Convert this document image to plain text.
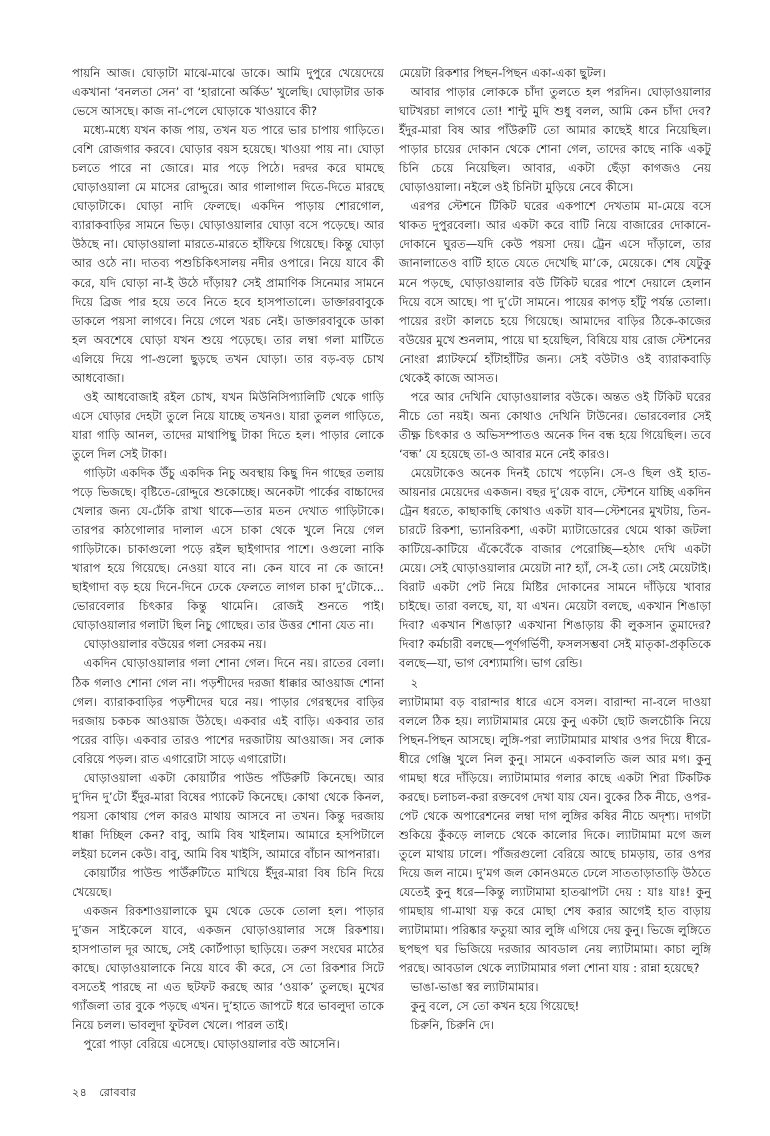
পায়নি আজ। ঘোড়াটা মাঝে-মাঝে ডাকে। আমি দুপুরে খেয়েদেয়ে একখানা ‘বনলতা সেন’ বা ‘হারানো অর্কিড’ খুলেছি। ঘোড়াটার ডাক ভেসে আসছে। কাজ না-পেলে ঘোড়াকে খাওয়াবে কী?

মধ্যে-মধ্যে যখন কাজ পায়, তখন যত পারে ভার চাপায় গাড়িতে। বেশি রোজগার করবে। ঘোড়ার বয়স হয়েছে। খাওয়া পায় না। ঘোড়া চলতে পারে না জোরে। মার পড়ে পিঠে। দরদর করে ঘামছে ঘোড়াওয়ালা মে মাসের রোদ্দুরে। আর গালাগাল দিতে-দিতে মারছে ঘোড়াটাকে। ঘোড়া নাদি ফেলছে। একদিন পাড়ায় শোরগোল, ব্যারাকবাড়ির সামনে ভিড়। ঘোড়াওয়ালার ঘোড়া বসে পড়েছে। আর উঠছে না। ঘোড়াওয়ালা মারতে-মারতে হাঁফিয়ে গিয়েছে। কিন্তু ঘোড়া আর ওঠে না। দাতব্য পশুচিকিৎসালয় নদীর ওপারে। নিয়ে যাবে কী করে, যদি ঘোড়া না-ই উঠে দাঁড়ায়? সেই প্রামাণিক সিনেমার সামনে দিয়ে ব্রিজ পার হয়ে তবে নিতে হবে হাসপাতালে। ডাক্তারবাবুকে ডাকলে পয়সা লাগবে। নিয়ে গেলে খরচ নেই। ডাক্তারবাবুকে ডাকা হল অবশেষে ঘোড়া যখন শুয়ে পড়েছে। তার লম্বা গলা মাটিতে এলিয়ে দিয়ে পা-গুলো ছুড়ছে তখন ঘোড়া। তার বড়-বড় চোখ আধবোজা।

ওই আধবোজাই রইল চোখ, যখন মিউনিসিপ্যালিটি থেকে গাড়ি এসে ঘোড়ার দেহটা তুলে নিয়ে যাচ্ছে তখনও। যারা তুলল গাড়িতে, যারা গাড়ি আনল, তাদের মাথাপিছু টাকা দিতে হল। পাড়ার লোকে তুলে দিল সেই টাকা।

গাড়িটা একদিক উঁচু একদিক নিচু অবস্থায় কিছু দিন গাছের তলায় পড়ে ভিজছে। বৃষ্টিতে-রোদ্দুরে শুকোচ্ছে। অনেকটা পার্কের বাচ্চাদের খেলার জন্য যে-ঢেঁকি রাখা থাকে—তার মতন দেখাত গাড়িটাকে। তারপর কাঠগোলার দালাল এসে চাকা থেকে খুলে নিয়ে গেল গাড়িটাকে। চাকাগুলো পড়ে রইল ছাইগাদার পাশে। ওগুলো নাকি খারাপ হয়ে গিয়েছে। নেওয়া যাবে না। কেন যাবে না কে জানে! ছাইগাদা বড় হয়ে দিনে-দিনে ঢেকে ফেলতে লাগল চাকা দু’টোকে... ভোরবেলার চিৎকার কিন্তু থামেনি। রোজই শুনতে পাই। ঘোড়াওয়ালার গলাটা ছিল নিচু গোছের। তার উত্তর শোনা যেত না।

ঘোড়াওয়ালার বউয়ের গলা সেরকম নয়।

একদিন ঘোড়াওয়ালার গলা শোনা গেল। দিনে নয়। রাতের বেলা। ঠিক গলাও শোনা গেল না। পড়শীদের দরজা ধাক্কার আওয়াজ শোনা গেল। ব্যারাকবাড়ির পড়শীদের ঘরে নয়। পাড়ার গেরস্থদের বাড়ির দরজায় চকচক আওয়াজ উঠছে। একবার এই বাড়ি। একবার তার পরের বাড়ি। একবার তারও পাশের দরজাটায় আওয়াজ। সব লোক বেরিয়ে পড়ল। রাত এগারোটা সাড়ে এগারোটা।

ঘোড়াওয়ালা একটা কোয়ার্টার পাউন্ড পাঁউরুটি কিনেছে। আর দু’দিন দু’টো ইঁদুর-মারা বিষের প্যাকেট কিনেছে। কোথা থেকে কিনল, পয়সা কোথায় পেল কারও মাথায় আসবে না তখন। কিন্তু দরজায় ধাক্কা দিচ্ছিল কেন? বাবু, আমি বিষ খাইলাম। আমারে হসপিটালে লইয়া চলেন কেউ। বাবু, আমি বিষ খাইসি, আমারে বাঁচান আপনারা।

কোয়ার্টার পাউন্ড পাউঁরুটিতে মাখিয়ে ইঁদুর-মারা বিষ চিনি দিয়ে খেয়েছে।

একজন রিকশাওয়ালাকে ঘুম থেকে ডেকে তোলা হল। পাড়ার দু’জন সাইকেলে যাবে, একজন ঘোড়াওয়ালার সঙ্গে রিকশায়। হাসপাতাল দূর আছে, সেই কোর্টপাড়া ছাড়িয়ে। তরুণ সংঘের মাঠের কাছে। ঘোড়াওয়ালাকে নিয়ে যাবে কী করে, সে তো রিকশার সিটে বসতেই পারছে না এত ছটফট করছে আর ‘ওয়াক’ তুলছে। মুখের গ্যাঁজলা তার বুকে পড়ছে এখন। দু’হাতে জাপটে ধরে ভাবলুদা তাকে নিয়ে চলল। ভাবলুদা ফুটবল খেলে। পারল তাই।

পুরো পাড়া বেরিয়ে এসেছে। ঘোড়াওয়ালার বউ আসেনি।

মেয়েটা রিকশার পিছন-পিছন একা-একা ছুটল।

আবার পাড়ার লোককে চাঁদা তুলতে হল পরদিন। ঘোড়াওয়ালার ঘাটখরচা লাগবে তো! শান্টু মুদি শুধু বলল, আমি কেন চাঁদা দেব? ইঁদুর-মারা বিষ আর পাঁউরুটি তো আমার কাছেই ধারে নিয়েছিল। পাড়ার চায়ের দোকান থেকে শোনা গেল, তাদের কাছে নাকি একটু চিনি চেয়ে নিয়েছিল। আবার, একটা ছেঁড়া কাগজও নেয় ঘোড়াওয়ালা। নইলে ওই চিনিটা মুড়িয়ে নেবে কীসে।

এরপর স্টেশনে টিকিট ঘরের একপাশে দেখতাম মা-মেয়ে বসে থাকত দুপুরবেলা। আর একটা করে বাটি নিয়ে বাজারের দোকানে-দোকানে ঘুরত—যদি কেউ পয়সা দেয়। ট্রেন এসে দাঁড়ালে, তার জানালাতেও বাটি হাতে যেতে দেখেছি মা’কে, মেয়েকে। শেষ যেটুকু মনে পড়ছে, ঘোড়াওয়ালার বউ টিকিট ঘরের পাশে দেয়ালে হেলান দিয়ে বসে আছে। পা দু’টো সামনে। পায়ের কাপড় হাঁটু পর্যন্ত তোলা। পায়ের রংটা কালচে হয়ে গিয়েছে। আমাদের বাড়ির ঠিকে-কাজের বউয়ের মুখে শুনলাম, পায়ে ঘা হয়েছিল, বিষিয়ে যায় রোজ স্টেশনের নোংরা প্ল্যাটফর্মে হাঁটাহাঁটির জন্য। সেই বউটাও ওই ব্যারাকবাড়ি থেকেই কাজে আসত।

পরে আর দেখিনি ঘোড়াওয়ালার বউকে। অন্তত ওই টিকিট ঘরের নীচে তো নয়ই। অন্য কোথাও দেখিনি টাউনের। ভোরবেলার সেই তীক্ষ্ণ চিৎকার ও অভিসম্পাতও অনেক দিন বন্ধ হয়ে গিয়েছিল। তবে ‘বন্ধ’ যে হয়েছে তা-ও আবার মনে নেই কারও।

মেয়েটাকেও অনেক দিনই চোখে পড়েনি। সে-ও ছিল ওই হাত-আয়নার মেয়েদের একজন। বছর দু’য়েক বাদে, স্টেশনে যাচ্ছি একদিন ট্রেন ধরতে, কাছাকাছি কোথাও একটা যাব—স্টেশনের মুখটায়, তিন-চারটে রিকশা, ভ্যানরিকশা, একটা ম্যাটাডোরের থেমে থাকা জটলা কাটিয়ে-কাটিয়ে এঁকেবেঁকে বাজার পেরোচ্ছি—হঠাৎ দেখি একটা মেয়ে। সেই ঘোড়াওয়ালার মেয়েটা না? হ্যাঁ, সে-ই তো। সেই মেয়েটাই। বিরাট একটা পেট নিয়ে মিষ্টির দোকানের সামনে দাঁড়িয়ে খাবার চাইছে। তারা বলছে, যা, যা এখন। মেয়েটা বলছে, একখান শিঙাড়া দিবা? একখান শিঙাড়া? একখানা শিঙাড়ায় কী লুকসান তুমাদের? দিবা? কর্মচারী বলছে—পূর্ণগর্ভিণী, ফসলসম্ভবা সেই মাতৃকা-প্রকৃতিকে বলছে—যা, ভাগ বেশ্যামাগি। ভাগ রেন্ডি।

২

ল্যাটামামা বড় বারান্দার ধারে এসে বসল। বারান্দা না-বলে দাওয়া বললে ঠিক হয়। ল্যাটামামার মেয়ে কুনু একটা ছোট জলচৌকি নিয়ে পিছন-পিছন আসছে। লুঙ্গি-পরা ল্যাটামামার মাথার ওপর দিয়ে ধীরে-ধীরে গেঞ্জি খুলে নিল কুনু। সামনে একবালতি জল আর মগ। কুনু গামছা ধরে দাঁড়িয়ে। ল্যাটামামার গলার কাছে একটা শিরা টিকটিক করছে। চলাচল-করা রক্তবেগ দেখা যায় যেন। বুকের ঠিক নীচে, ওপর-পেট থেকে অপারেশনের লম্বা দাগ লুঙ্গির কষির নীচে অদৃশ্য। দাগটা শুকিয়ে কুঁকড়ে লালচে থেকে কালোর দিকে। ল্যাটামামা মগে জল তুলে মাথায় ঢালে। পাঁজরগুলো বেরিয়ে আছে চামড়ায়, তার ওপর দিয়ে জল নামে। দু’মগ জল কোনওমতে ঢেলে সাততাড়াতাড়ি উঠতে যেতেই কুনু ধরে—কিন্তু ল্যাটামামা হাতঝাপটা দেয় : যাঃ যাঃ! কুনু গামছায় গা-মাথা যত্ন করে মোছা শেষ করার আগেই হাত বাড়ায় ল্যাটামামা। পরিষ্কার ফতুয়া আর লুঙ্গি এগিয়ে দেয় কুনু। ভিজে লুঙ্গিতে ছপছপ ঘর ভিজিয়ে দরজার আবডাল নেয় ল্যাটামামা। কাচা লুঙ্গি পরছে। আবডাল থেকে ল্যাটামামার গলা শোনা যায় : রান্না হয়েছে?

ভাঙা-ভাঙা স্বর ল্যাটামামার।

কুনু বলে, সে তো কখন হয়ে গিয়েছে!

চিরুনি, চিরুনি দে।

২৪ রোববার
